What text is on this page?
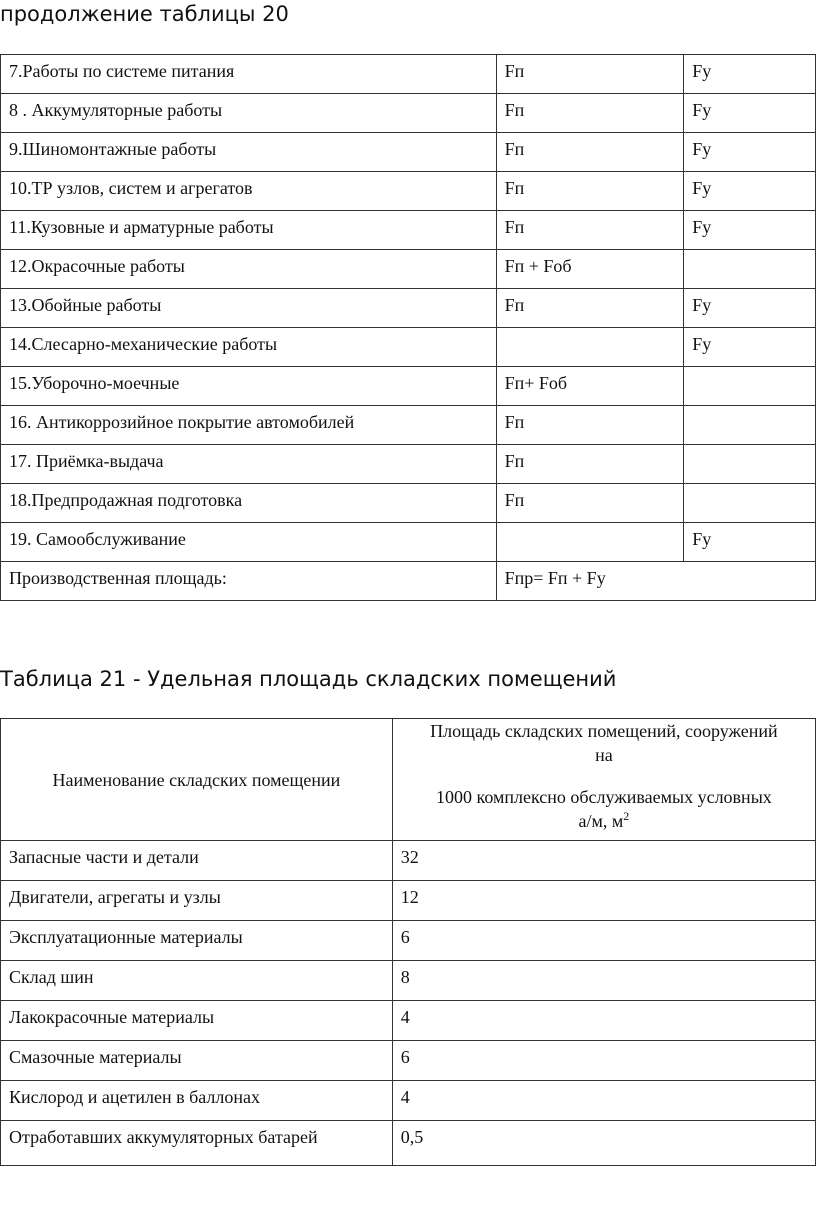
продолжение таблицы 20
7.Работы по системе питания	Fп	Fу
8 . Аккумуляторные работы	Fп	Fу
9.Шиномонтажные работы	Fп	Fу
10.ТР узлов, систем и агрегатов	Fп	Fу
11.Кузовные и арматурные работы	Fп	Fу
12.Окрасочные работы	Fп + Fоб	
13.Обойные работы	Fп	Fу
14.Слесарно-механические работы		Fу
15.Уборочно-моечные	Fп+ Fоб	
16. Антикоррозийное покрытие автомобилей	Fп	
17. Приёмка-выдача	Fп	
18.Предпродажная подготовка	Fп	
19. Самообслуживание		Fу
Производственная площадь:	Fпр= Fп + Fу	
Таблица 21 - Удельная площадь складских помещений
Наименование складских помещении	Площадь складских помещений, сооружений
на
1000 комплексно обслуживаемых условных
а/м, $м^2$

Запасные части и детали	32
Двигатели, агрегаты и узлы	12
Эксплуатационные материалы	6
Склад шин	8
Лакокрасочные материалы	4
Смазочные материалы	6
Кислород и ацетилен в баллонах	4
Отработавших аккумуляторных батарей	0,5
